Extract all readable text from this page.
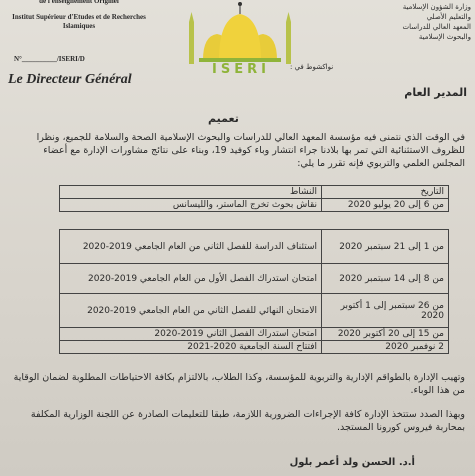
de l'enseignement Originel
Institut Supérieur d'Etudes et de Recherches Islamiques
N°__________/ISERI/D
وزارة الشؤون الإسلامية
والتعليم الأصلي
المعهد العالي للدراسات
والبحوث الإسلامية
ISERI	نواكشوط في :
Le Directeur Général
المدير العام
تعميم
في الوقت الذي نتمنى فيه مؤسسة المعهد العالي للدراسات والبحوث الإسلامية الصحة والسلامة للجميع، ونظرا للظروف الاستثنائية التي تمر بها بلادنا جراء انتشار وباء كوفيد 19، وبناء على نتائج مشاورات الإدارة مع أعضاء المجلس العلمي والتربوي فإنه تقرر ما يلي:
التاريخ	النشاط
من 6 إلى 20 يوليو 2020	نقاش بحوث تخرج الماستر، والليسانس
من 1 إلى 21 سبتمبر 2020	استئناف الدراسة للفصل الثاني من العام الجامعي 2019-2020
من 8 إلى 14 سبتمبر 2020	امتحان استدراك الفصل الأول من العام الجامعي 2019-2020
من 26 سبتمبر إلى 1 أكتوبر 2020	الامتحان النهائي للفصل الثاني من العام الجامعي 2019-2020
من 15 إلى 20 أكتوبر 2020	امتحان استدراك الفصل الثاني 2019-2020
2 نوفمبر 2020	افتتاح السنة الجامعية 2020-2021
وتهيب الإدارة بالطواقم الإدارية والتربوية للمؤسسة، وكذا الطلاب، بالالتزام بكافة الاحتياطات المطلوبة لضمان الوقاية من هذا الوباء.
وبهذا الصدد ستتخذ الإدارة كافة الإجراءات الضرورية اللازمة، طبقا للتعليمات الصادرة عن اللجنة الوزارية المكلفة بمحاربة فيروس كورونا المستجد.
أ.د. الحسن ولد أعمر بلول
